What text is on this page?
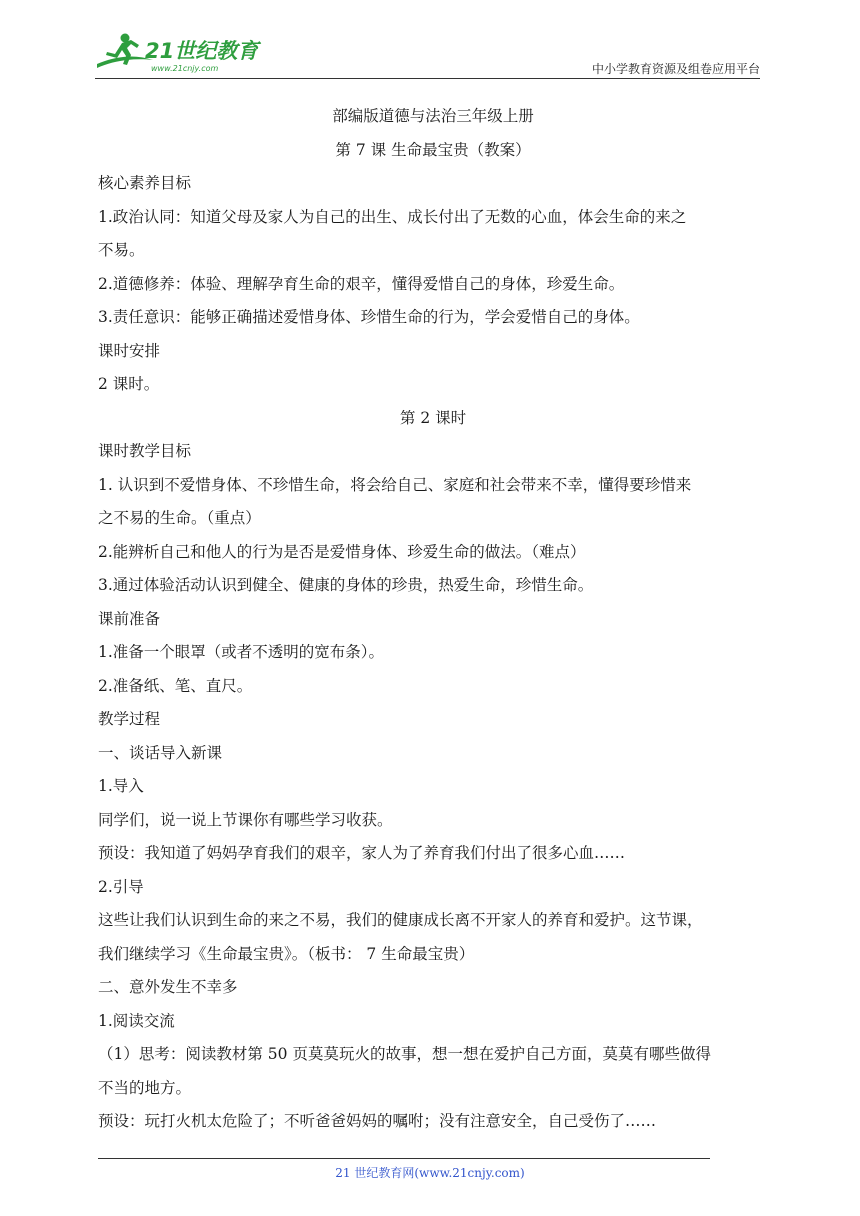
21世纪教育
www.21cnjy.com	中小学教育资源及组卷应用平台
部编版道德与法治三年级上册
第 7 课 生命最宝贵（教案）
核心素养目标
1.政治认同：知道父母及家人为自己的出生、成长付出了无数的心血，体会生命的来之
不易。
2.道德修养：体验、理解孕育生命的艰辛，懂得爱惜自己的身体，珍爱生命。
3.责任意识：能够正确描述爱惜身体、珍惜生命的行为，学会爱惜自己的身体。
课时安排
2 课时。
第 2 课时
课时教学目标
1. 认识到不爱惜身体、不珍惜生命，将会给自己、家庭和社会带来不幸，懂得要珍惜来
之不易的生命。（重点）
2.能辨析自己和他人的行为是否是爱惜身体、珍爱生命的做法。（难点）
3.通过体验活动认识到健全、健康的身体的珍贵，热爱生命，珍惜生命。
课前准备
1.准备一个眼罩（或者不透明的宽布条）。
2.准备纸、笔、直尺。
教学过程
一、谈话导入新课
1.导入
同学们，说一说上节课你有哪些学习收获。
预设：我知道了妈妈孕育我们的艰辛，家人为了养育我们付出了很多心血……
2.引导
这些让我们认识到生命的来之不易，我们的健康成长离不开家人的养育和爱护。这节课，
我们继续学习《生命最宝贵》。（板书： 7 生命最宝贵）
二、意外发生不幸多
1.阅读交流
（1）思考：阅读教材第 50 页莫莫玩火的故事，想一想在爱护自己方面，莫莫有哪些做得
不当的地方。
预设：玩打火机太危险了；不听爸爸妈妈的嘱咐；没有注意安全，自己受伤了……
21 世纪教育网(www.21cnjy.com)
